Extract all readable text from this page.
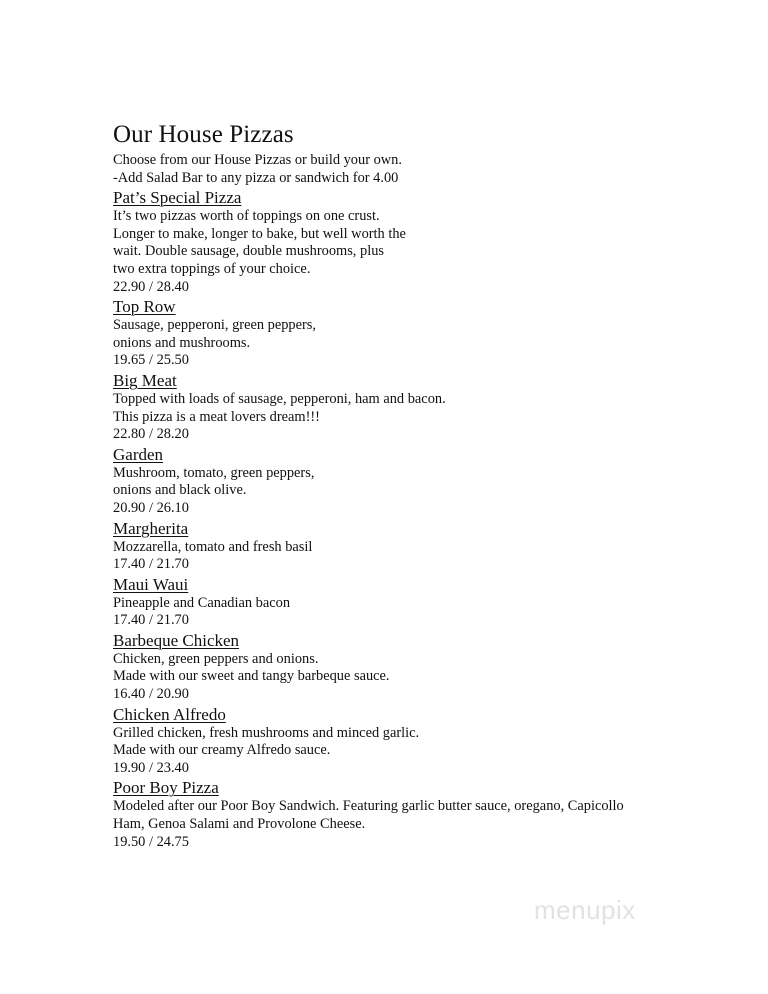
Our House Pizzas
Choose from our House Pizzas or build your own.
-Add Salad Bar to any pizza or sandwich for 4.00
Pat’s Special Pizza
It’s two pizzas worth of toppings on one crust.
Longer to make, longer to bake, but well worth the
wait. Double sausage, double mushrooms, plus
two extra toppings of your choice.
22.90 / 28.40
Top Row
Sausage, pepperoni, green peppers,
onions and mushrooms.
19.65 / 25.50
Big Meat
Topped with loads of sausage, pepperoni, ham and bacon.
This pizza is a meat lovers dream!!!
22.80 / 28.20
Garden
Mushroom, tomato, green peppers,
onions and black olive.
20.90 / 26.10
Margherita
Mozzarella, tomato and fresh basil
17.40 / 21.70
Maui Waui
Pineapple and Canadian bacon
17.40 / 21.70
Barbeque Chicken
Chicken, green peppers and onions.
Made with our sweet and tangy barbeque sauce.
16.40 / 20.90
Chicken Alfredo
Grilled chicken, fresh mushrooms and minced garlic.
Made with our creamy Alfredo sauce.
19.90 / 23.40
Poor Boy Pizza
Modeled after our Poor Boy Sandwich. Featuring garlic butter sauce, oregano, Capicollo
Ham, Genoa Salami and Provolone Cheese.
19.50 / 24.75
menupix
